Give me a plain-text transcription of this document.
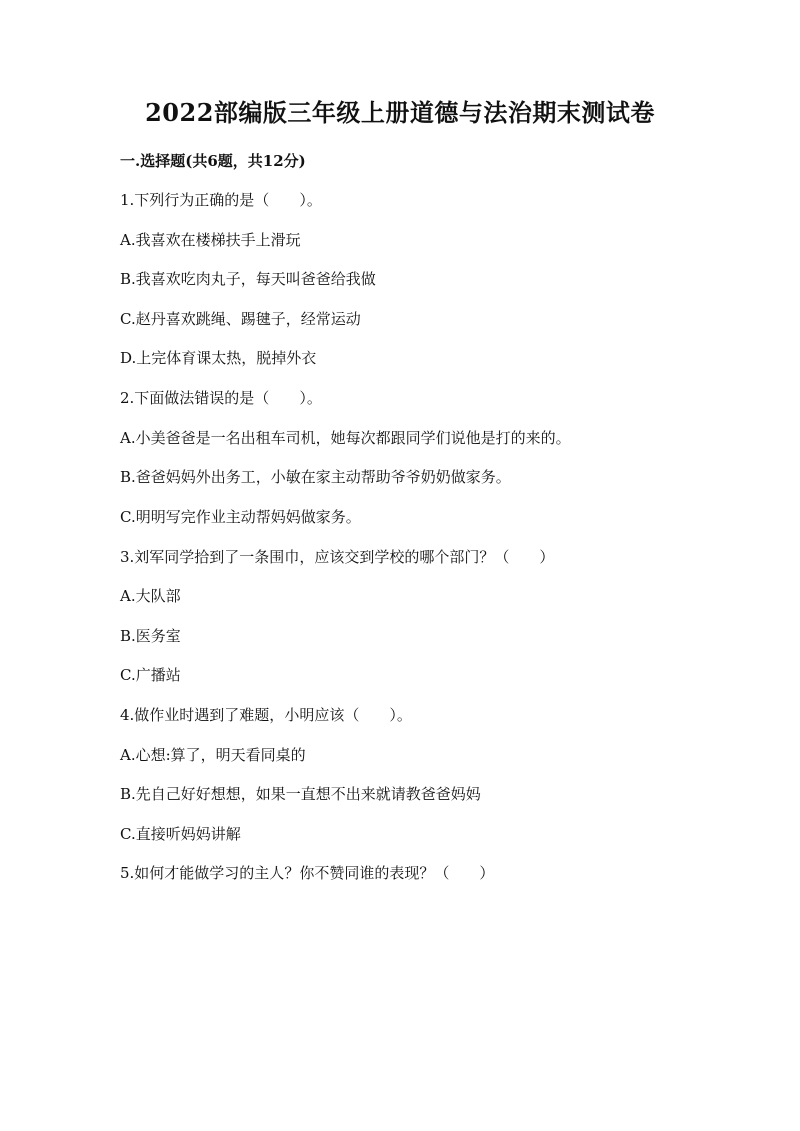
2022部编版三年级上册道德与法治期末测试卷
一.选择题(共6题，共12分)

1.下列行为正确的是（　　）。

A.我喜欢在楼梯扶手上滑玩

B.我喜欢吃肉丸子，每天叫爸爸给我做

C.赵丹喜欢跳绳、踢毽子，经常运动

D.上完体育课太热，脱掉外衣

2.下面做法错误的是（　　）。

A.小美爸爸是一名出租车司机，她每次都跟同学们说他是打的来的。

B.爸爸妈妈外出务工，小敏在家主动帮助爷爷奶奶做家务。

C.明明写完作业主动帮妈妈做家务。

3.刘军同学拾到了一条围巾，应该交到学校的哪个部门？（　　）

A.大队部

B.医务室

C.广播站

4.做作业时遇到了难题，小明应该（　　）。

A.心想:算了，明天看同桌的

B.先自己好好想想，如果一直想不出来就请教爸爸妈妈

C.直接听妈妈讲解

5.如何才能做学习的主人？你不赞同谁的表现？（　　）
